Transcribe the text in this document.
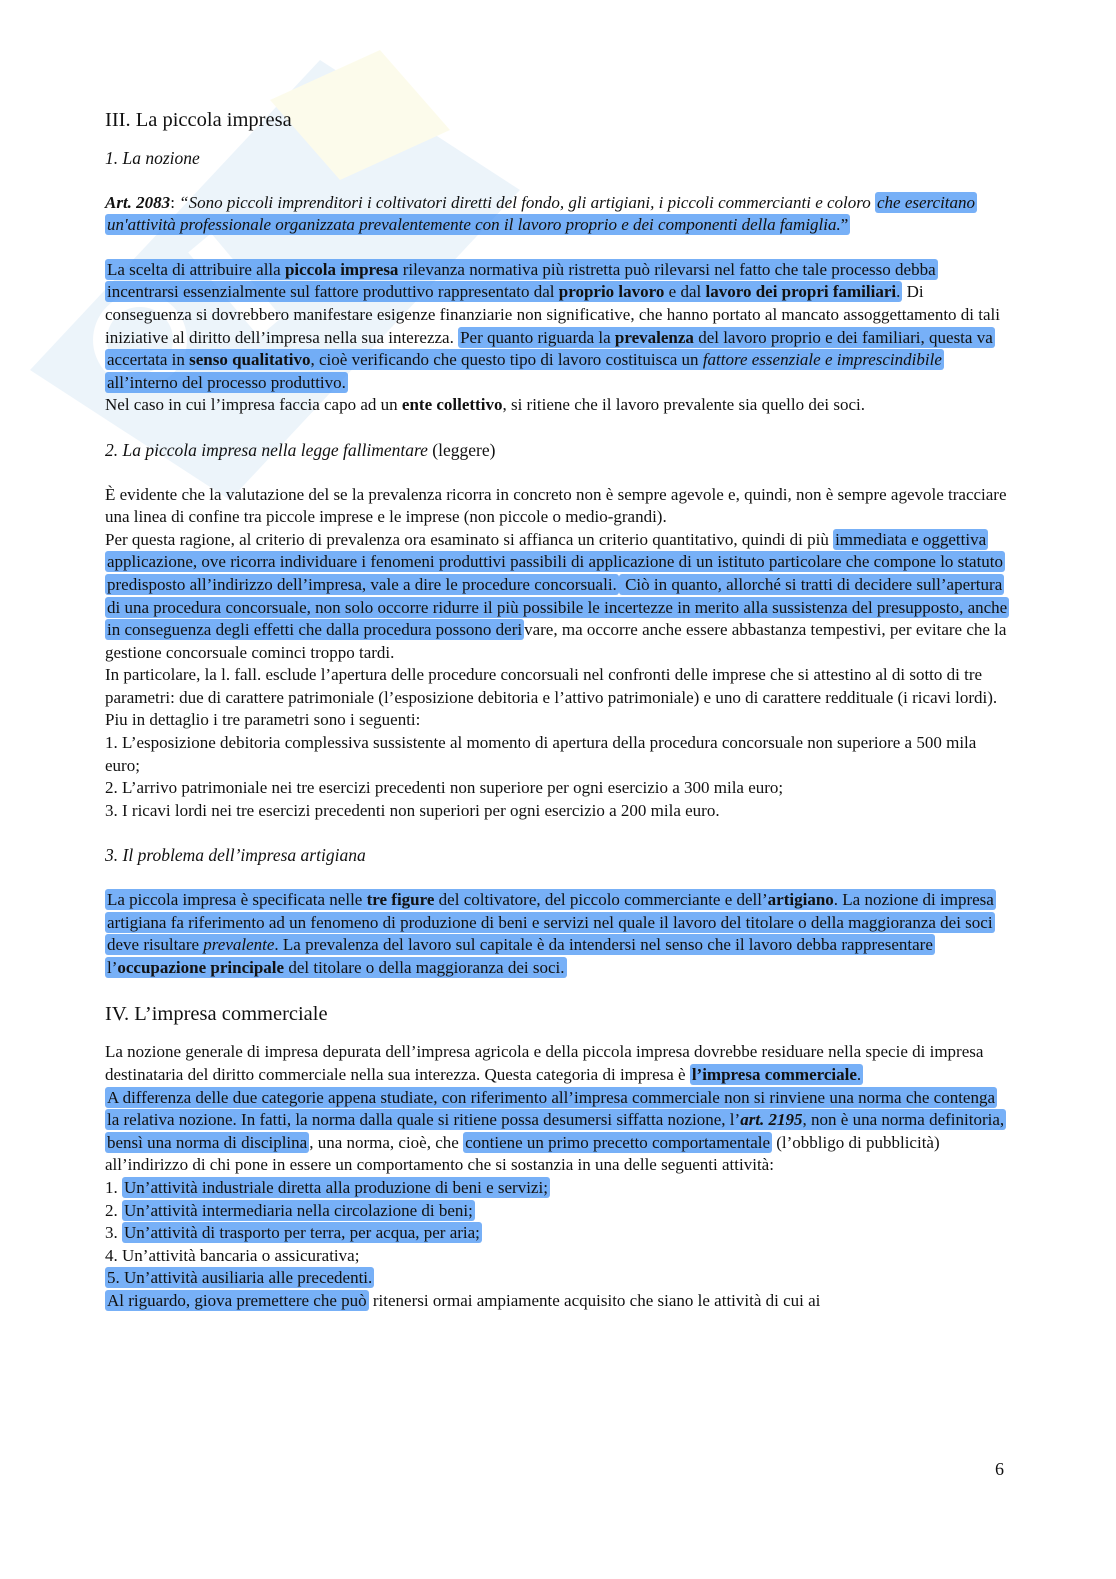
III. La piccola impresa
1. La nozione

Art. 2083: “Sono piccoli imprenditori i coltivatori diretti del fondo, gli artigiani, i piccoli commercianti e coloro che esercitano un'attività professionale organizzata prevalentemente con il lavoro proprio e dei componenti della famiglia.”

La scelta di attribuire alla piccola impresa rilevanza normativa più ristretta può rilevarsi nel fatto che tale processo debba incentrarsi essenzialmente sul fattore produttivo rappresentato dal proprio lavoro e dal lavoro dei propri familiari. Di conseguenza si dovrebbero manifestare esigenze finanziarie non significative, che hanno portato al mancato assoggettamento di tali iniziative al diritto dell’impresa nella sua interezza. Per quanto riguarda la prevalenza del lavoro proprio e dei familiari, questa va accertata in senso qualitativo, cioè verificando che questo tipo di lavoro costituisca un fattore essenziale e imprescindibile all’interno del processo produttivo.

Nel caso in cui l’impresa faccia capo ad un ente collettivo, si ritiene che il lavoro prevalente sia quello dei soci.

2. La piccola impresa nella legge fallimentare (leggere)

È evidente che la valutazione del se la prevalenza ricorra in concreto non è sempre agevole e, quindi, non è sempre agevole tracciare una linea di confine tra piccole imprese e le imprese (non piccole o medio-grandi).

Per questa ragione, al criterio di prevalenza ora esaminato si affianca un criterio quantitativo, quindi di più immediata e oggettiva applicazione, ove ricorra individuare i fenomeni produttivi passibili di applicazione di un istituto particolare che compone lo statuto predisposto all’indirizzo dell’impresa, vale a dire le procedure concorsuali. Ciò in quanto, allorché si tratti di decidere sull’apertura di una procedura concorsuale, non solo occorre ridurre il più possibile le incertezze in merito alla sussistenza del presupposto, anche in conseguenza degli effetti che dalla procedura possono deri vare, ma occorre anche essere abbastanza tempestivi, per evitare che la gestione concorsuale cominci troppo tardi.

In particolare, la l. fall. esclude l’apertura delle procedure concorsuali nel confronti delle imprese che si attestino al di sotto di tre parametri: due di carattere patrimoniale (l’esposizione debitoria e l’attivo patrimoniale) e uno di carattere reddituale (i ricavi lordi).

Piu in dettaglio i tre parametri sono i seguenti:

1. L’esposizione debitoria complessiva sussistente al momento di apertura della procedura concorsuale non superiore a 500 mila euro;

2. L’arrivo patrimoniale nei tre esercizi precedenti non superiore per ogni esercizio a 300 mila euro;

3. I ricavi lordi nei tre esercizi precedenti non superiori per ogni esercizio a 200 mila euro.

3. Il problema dell’impresa artigiana

La piccola impresa è specificata nelle tre figure del coltivatore, del piccolo commerciante e dell’artigiano. La nozione di impresa artigiana fa riferimento ad un fenomeno di produzione di beni e servizi nel quale il lavoro del titolare o della maggioranza dei soci deve risultare prevalente. La prevalenza del lavoro sul capitale è da intendersi nel senso che il lavoro debba rappresentare l’occupazione principale del titolare o della maggioranza dei soci.

IV. L’impresa commerciale

La nozione generale di impresa depurata dell’impresa agricola e della piccola impresa dovrebbe residuare nella specie di impresa destinataria del diritto commerciale nella sua interezza. Questa categoria di impresa è l’impresa commerciale.

A differenza delle due categorie appena studiate, con riferimento all’impresa commerciale non si rinviene una norma che contenga la relativa nozione. In fatti, la norma dalla quale si ritiene possa desumersi siffatta nozione, l’art. 2195, non è una norma definitoria, bensì una norma di disciplina , una norma, cioè, che contiene un primo precetto comportamentale (l’obbligo di pubblicità) all’indirizzo di chi pone in essere un comportamento che si sostanzia in una delle seguenti attività:

1. Un’attività industriale diretta alla produzione di beni e servizi;

2. Un’attività intermediaria nella circolazione di beni;

3. Un’attività di trasporto per terra, per acqua, per aria;

4. Un’attività bancaria o assicurativa;

5. Un’attività ausiliaria alle precedenti.

Al riguardo, giova premettere che può ritenersi ormai ampiamente acquisito che siano le attività di cui ai

6
